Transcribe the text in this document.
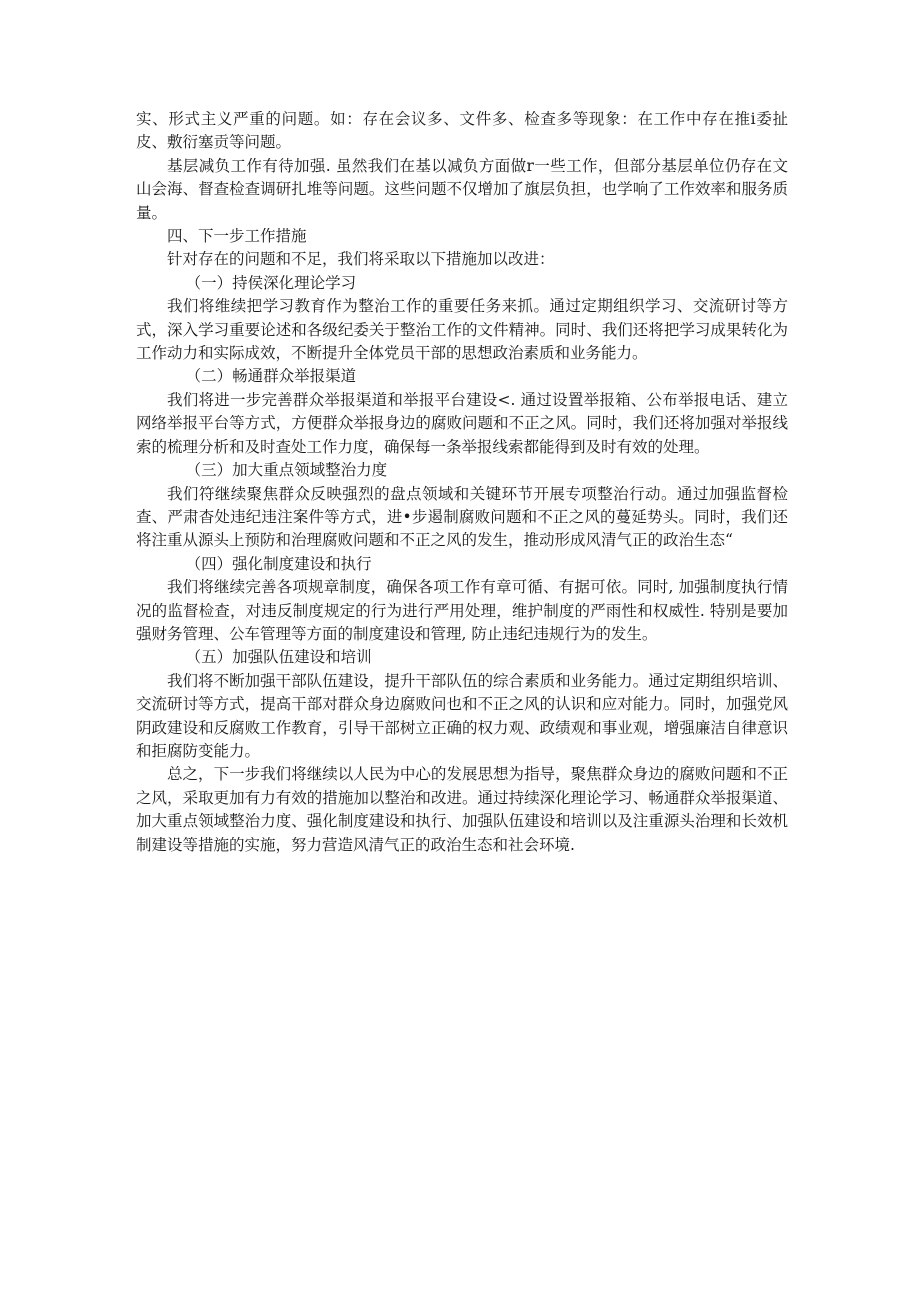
实、形式主义严重的问题。如：存在会议多、文件多、检查多等现象：在工作中存在推i委扯皮、敷衍塞贡等问题。

基层减负工作有待加强. 虽然我们在基以减负方面做r一些工作，但部分基层单位仍存在文山会海、督查检查调研扎堆等问题。这些问题不仅增加了旗层负担，也学响了工作效率和服务质量。

四、下一步工作措施

针对存在的问题和不足，我们将采取以下措施加以改进：

（一）持侯深化理论学习

我们将维续把学习教育作为整治工作的重要任务来抓。通过定期组织学习、交流研讨等方式，深入学习重要论述和各级纪委关于整治工作的文件精神。同时、我们还将把学习成果转化为工作动力和实际成效，不断提升全体党员干部的思想政治素质和业务能力。

（二）畅通群众举报渠道

我们将进一步完善群众举报渠道和举报平台建设<. 通过设置举报箱、公布举报电话、建立网络举报平台等方式，方便群众举报身边的腐败问题和不正之风。同时，我们还将加强对举报线索的梳理分析和及时查处工作力度，确保每一条举报线索都能得到及时有效的处理。

（三）加大重点领域整治力度

我们符继续聚焦群众反映强烈的盘点领域和关键环节开展专项整治行动。通过加强监督检查、严肃杳处违纪违注案件等方式，进•步遏制腐败问题和不正之风的蔓延势头。同时，我们还将注重从源头上预防和治理腐败问题和不正之风的发生，推动形成风清气正的政治生态“

（四）强化制度建设和执行

我们将继续完善各项规章制度，确保各项工作有章可循、有据可依。同时, 加强制度执行情况的监督检查，对违反制度规定的行为进行严用处理，维护制度的严雨性和权威性. 特别是要加强财务管理、公车管理等方面的制度建设和管理, 防止违纪违规行为的发生。

（五）加强队伍建设和培训

我们将不断加强干部队伍建设，提升干部队伍的综合素质和业务能力。通过定期组织培训、交流研讨等方式，提高干部对群众身边腐败问也和不正之风的认识和应对能力。同时，加强党风阴政建设和反腐败工作教育，引导干部树立正确的权力观、政绩观和事业观，增强廉洁自律意识和拒腐防变能力。

总之，下一步我们将继续以人民为中心的发展思想为指导，聚焦群众身边的腐败问题和不正之风，采取更加有力有效的措施加以整治和改进。通过持续深化理论学习、畅通群众举报渠道、加大重点领域整治力度、强化制度建设和执行、加强队伍建设和培训以及注重源头治理和长效机制建设等措施的实施，努力营造风清气正的政治生态和社会环境.
